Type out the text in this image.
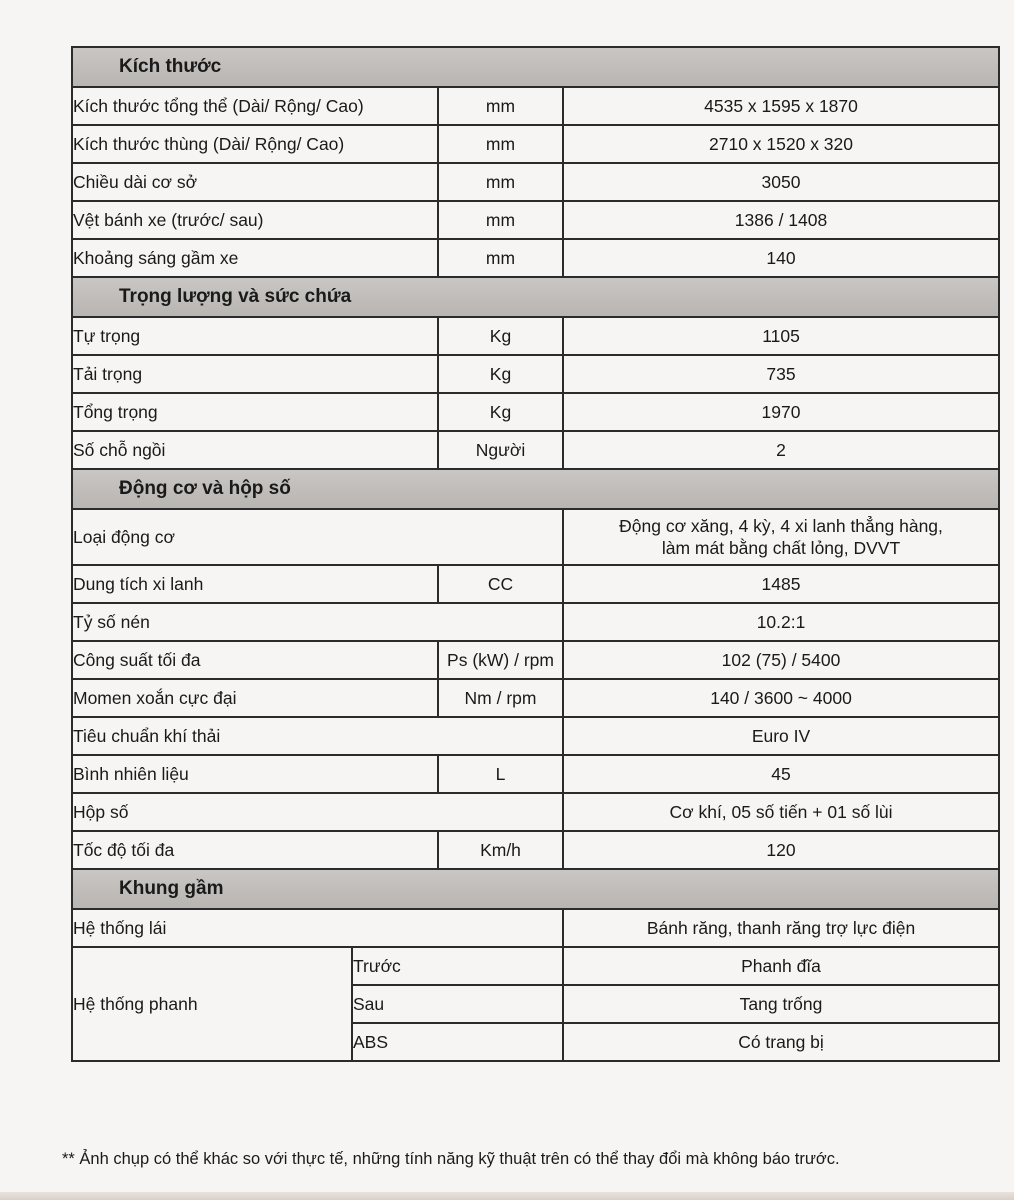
Kích thước			
Kích thước tổng thể (Dài/ Rộng/ Cao)		mm	4535 x 1595 x 1870
Kích thước thùng (Dài/ Rộng/ Cao)		mm	2710 x 1520 x 320
Chiều dài cơ sở		mm	3050
Vệt bánh xe (trước/ sau)		mm	1386 / 1408
Khoảng sáng gầm xe		mm	140
Trọng lượng và sức chứa			
Tự trọng		Kg	1105
Tải trọng		Kg	735
Tổng trọng		Kg	1970
Số chỗ ngồi		Người	2
Động cơ và hộp số			
Loại động cơ			Động cơ xăng, 4 kỳ, 4 xi lanh thẳng hàng,
làm mát bằng chất lỏng, DVVT

Dung tích xi lanh		CC	1485
Tỷ số nén			10.2:1
Công suất tối đa		Ps (kW) / rpm	102 (75) / 5400
Momen xoắn cực đại		Nm / rpm	140 / 3600 ~ 4000
Tiêu chuẩn khí thải			Euro IV
Bình nhiên liệu		L	45
Hộp số			Cơ khí, 05 số tiến + 01 số lùi
Tốc độ tối đa		Km/h	120
Khung gầm			
Hệ thống lái			Bánh răng, thanh răng trợ lực điện
Hệ thống phanh	Trước		Phanh đĩa
	Sau		Tang trống
	ABS		Có trang bị
** Ảnh chụp có thể khác so với thực tế, những tính năng kỹ thuật trên có thể thay đổi mà không báo trước.
